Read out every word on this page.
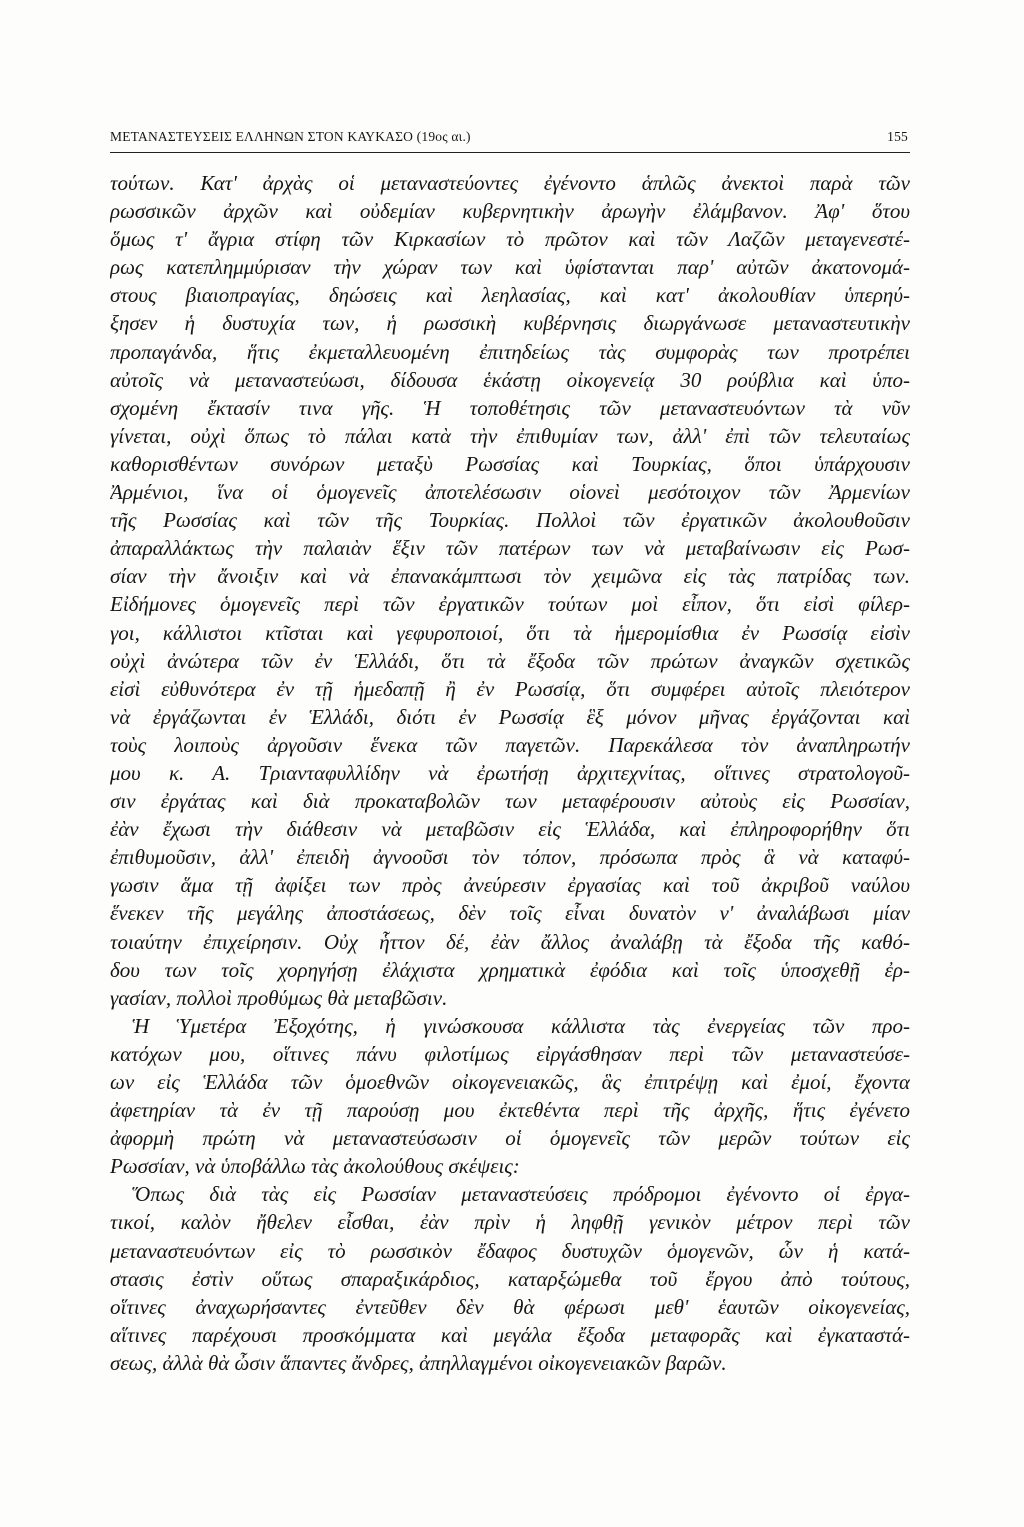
ΜΕΤΑΝΑΣΤΕΥΣΕΙΣ ΕΛΛΗΝΩΝ ΣΤΟΝ ΚΑΥΚΑΣΟ (19ος αι.)	155
τούτων. Κατ' ἀρχὰς οἱ μεταναστεύοντες ἐγένοντο ἁπλῶς ἀνεκτοὶ παρὰ τῶν
ρωσσικῶν ἀρχῶν καὶ οὐδεμίαν κυβερνητικὴν ἀρωγὴν ἐλάμβανον. Ἀφ' ὅτου
ὅμως τ' ἄγρια στίφη τῶν Κιρκασίων τὸ πρῶτον καὶ τῶν Λαζῶν μεταγενεστέ-
ρως κατεπλημμύρισαν τὴν χώραν των καὶ ὑφίστανται παρ' αὐτῶν ἀκατονομά-
στους βιαιοπραγίας, δηώσεις καὶ λεηλασίας, καὶ κατ' ἀκολουθίαν ὑπερηύ-
ξησεν ἡ δυστυχία των, ἡ ρωσσικὴ κυβέρνησις διωργάνωσε μεταναστευτικὴν
προπαγάνδα, ἥτις ἐκμεταλλευομένη ἐπιτηδείως τὰς συμφορὰς των προτρέπει
αὐτοῖς νὰ μεταναστεύωσι, δίδουσα ἑκάστῃ οἰκογενείᾳ 30 ρούβλια καὶ ὑπο-
σχομένη ἔκτασίν τινα γῆς. Ἡ τοποθέτησις τῶν μεταναστευόντων τὰ νῦν
γίνεται, οὐχὶ ὅπως τὸ πάλαι κατὰ τὴν ἐπιθυμίαν των, ἀλλ' ἐπὶ τῶν τελευταίως
καθορισθέντων συνόρων μεταξὺ Ρωσσίας καὶ Τουρκίας, ὅποι ὑπάρχουσιν
Ἀρμένιοι, ἵνα οἱ ὁμογενεῖς ἀποτελέσωσιν οἱονεὶ μεσότοιχον τῶν Ἀρμενίων
τῆς Ρωσσίας καὶ τῶν τῆς Τουρκίας. Πολλοὶ τῶν ἐργατικῶν ἀκολουθοῦσιν
ἀπαραλλάκτως τὴν παλαιὰν ἕξιν τῶν πατέρων των νὰ μεταβαίνωσιν εἰς Ρωσ-
σίαν τὴν ἄνοιξιν καὶ νὰ ἐπανακάμπτωσι τὸν χειμῶνα εἰς τὰς πατρίδας των.
Εἰδήμονες ὁμογενεῖς περὶ τῶν ἐργατικῶν τούτων μοὶ εἶπον, ὅτι εἰσὶ φίλερ-
γοι, κάλλιστοι κτῖσται καὶ γεφυροποιοί, ὅτι τὰ ἡμερομίσθια ἐν Ρωσσίᾳ εἰσὶν
οὐχὶ ἀνώτερα τῶν ἐν Ἑλλάδι, ὅτι τὰ ἔξοδα τῶν πρώτων ἀναγκῶν σχετικῶς
εἰσὶ εὐθυνότερα ἐν τῇ ἡμεδαπῇ ἢ ἐν Ρωσσίᾳ, ὅτι συμφέρει αὐτοῖς πλειότερον
νὰ ἐργάζωνται ἐν Ἑλλάδι, διότι ἐν Ρωσσίᾳ ἓξ μόνον μῆνας ἐργάζονται καὶ
τοὺς λοιποὺς ἀργοῦσιν ἕνεκα τῶν παγετῶν. Παρεκάλεσα τὸν ἀναπληρωτήν
μου κ. Α. Τριανταφυλλίδην νὰ ἐρωτήσῃ ἀρχιτεχνίτας, οἵτινες στρατολογοῦ-
σιν ἐργάτας καὶ διὰ προκαταβολῶν των μεταφέρουσιν αὐτοὺς εἰς Ρωσσίαν,
ἐὰν ἔχωσι τὴν διάθεσιν νὰ μεταβῶσιν εἰς Ἑλλάδα, καὶ ἐπληροφορήθην ὅτι
ἐπιθυμοῦσιν, ἀλλ' ἐπειδὴ ἀγνοοῦσι τὸν τόπον, πρόσωπα πρὸς ἃ νὰ καταφύ-
γωσιν ἅμα τῇ ἀφίξει των πρὸς ἀνεύρεσιν ἐργασίας καὶ τοῦ ἀκριβοῦ ναύλου
ἕνεκεν τῆς μεγάλης ἀποστάσεως, δὲν τοῖς εἶναι δυνατὸν ν' ἀναλάβωσι μίαν
τοιαύτην ἐπιχείρησιν. Οὐχ ἧττον δέ, ἐὰν ἄλλος ἀναλάβῃ τὰ ἔξοδα τῆς καθό-
δου των τοῖς χορηγήσῃ ἐλάχιστα χρηματικὰ ἐφόδια καὶ τοῖς ὑποσχεθῇ ἐρ-
γασίαν, πολλοὶ προθύμως θὰ μεταβῶσιν.
Ἡ Ὑμετέρα Ἐξοχότης, ἡ γινώσκουσα κάλλιστα τὰς ἐνεργείας τῶν προ-
κατόχων μου, οἵτινες πάνυ φιλοτίμως εἰργάσθησαν περὶ τῶν μεταναστεύσε-
ων εἰς Ἑλλάδα τῶν ὁμοεθνῶν οἰκογενειακῶς, ἃς ἐπιτρέψῃ καὶ ἐμοί, ἔχοντα
ἀφετηρίαν τὰ ἐν τῇ παρούσῃ μου ἐκτεθέντα περὶ τῆς ἀρχῆς, ἥτις ἐγένετο
ἀφορμὴ πρώτη νὰ μεταναστεύσωσιν οἱ ὁμογενεῖς τῶν μερῶν τούτων εἰς
Ρωσσίαν, νὰ ὑποβάλλω τὰς ἀκολούθους σκέψεις:
Ὅπως διὰ τὰς εἰς Ρωσσίαν μεταναστεύσεις πρόδρομοι ἐγένοντο οἱ ἐργα-
τικοί, καλὸν ἤθελεν εἶσθαι, ἐὰν πρὶν ἡ ληφθῇ γενικὸν μέτρον περὶ τῶν
μεταναστευόντων εἰς τὸ ρωσσικὸν ἔδαφος δυστυχῶν ὁμογενῶν, ὧν ἡ κατά-
στασις ἐστὶν οὕτως σπαραξικάρδιος, καταρξώμεθα τοῦ ἔργου ἀπὸ τούτους,
οἵτινες ἀναχωρήσαντες ἐντεῦθεν δὲν θὰ φέρωσι μεθ' ἑαυτῶν οἰκογενείας,
αἵτινες παρέχουσι προσκόμματα καὶ μεγάλα ἔξοδα μεταφορᾶς καὶ ἐγκαταστά-
σεως, ἀλλὰ θὰ ὦσιν ἅπαντες ἄνδρες, ἀπηλλαγμένοι οἰκογενειακῶν βαρῶν.
